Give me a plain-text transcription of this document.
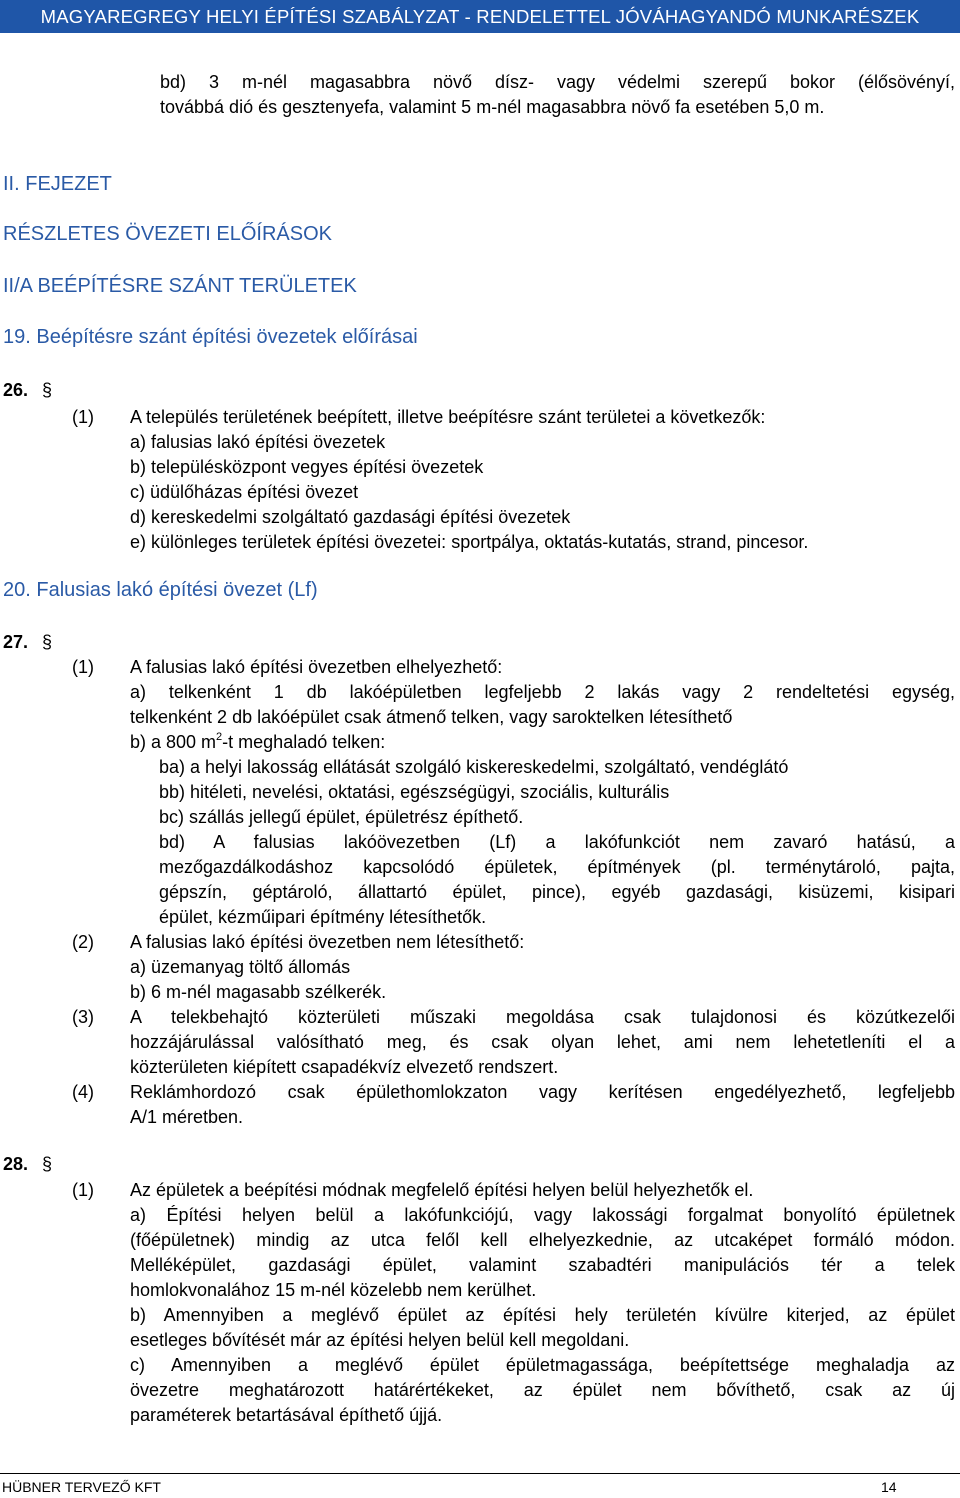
MAGYAREGREGY HELYI ÉPÍTÉSI SZABÁLYZAT - RENDELETTEL JÓVÁHAGYANDÓ MUNKARÉSZEK
bd) 3 m-nél magasabbra növő dísz- vagy védelmi szerepű bokor (élősövényí,
továbbá dió és gesztenyefa, valamint 5 m-nél magasabbra növő fa esetében 5,0 m.
II. FEJEZET
RÉSZLETES ÖVEZETI ELŐÍRÁSOK
II/A BEÉPÍTÉSRE SZÁNT TERÜLETEK
19. Beépítésre szánt építési övezetek előírásai
26. §
(1) A település területének beépített, illetve beépítésre szánt területei a következők:
a) falusias lakó építési övezetek
b) településközpont vegyes építési övezetek
c) üdülőházas építési övezet
d) kereskedelmi szolgáltató gazdasági építési övezetek
e) különleges területek építési övezetei: sportpálya, oktatás-kutatás, strand, pincesor.
20. Falusias lakó építési övezet (Lf)
27. §
(1) A falusias lakó építési övezetben elhelyezhető:
a) telkenként 1 db lakóépületben legfeljebb 2 lakás vagy 2 rendeltetési egység,
telkenként 2 db lakóépület csak átmenő telken, vagy saroktelken létesíthető
b) a 800 $m^2-t$ meghaladó telken:
ba) a helyi lakosság ellátását szolgáló kiskereskedelmi, szolgáltató, vendéglátó
bb) hitéleti, nevelési, oktatási, egészségügyi, szociális, kulturális
bc) szállás jellegű épület, épületrész építhető.
bd) A falusias lakóövezetben (Lf) a lakófunkciót nem zavaró hatású, a
mezőgazdálkodáshoz kapcsolódó épületek, építmények (pl. terménytároló, pajta,
gépszín, géptároló, állattartó épület, pince), egyéb gazdasági, kisüzemi, kisipari
épület, kézműipari építmény létesíthetők.
(2) A falusias lakó építési övezetben nem létesíthető:
a) üzemanyag töltő állomás
b) 6 m-nél magasabb szélkerék.
(3) A telekbehajtó közterületi műszaki megoldása csak tulajdonosi és közútkezelői
hozzájárulással valósítható meg, és csak olyan lehet, ami nem lehetetleníti el a
közterületen kiépített csapadékvíz elvezető rendszert.
(4) Reklámhordozó csak épülethomlokzaton vagy kerítésen engedélyezhető, legfeljebb
A/1 méretben.
28. §
(1) Az épületek a beépítési módnak megfelelő építési helyen belül helyezhetők el.
a) Építési helyen belül a lakófunkciójú, vagy lakossági forgalmat bonyolító épületnek
(főépületnek) mindig az utca felől kell elhelyezkednie, az utcaképet formáló módon.
Melléképület, gazdasági épület, valamint szabadtéri manipulációs tér a telek
homlokvonalához 15 m-nél közelebb nem kerülhet.
b) Amennyiben a meglévő épület az építési hely területén kívülre kiterjed, az épület
esetleges bővítését már az építési helyen belül kell megoldani.
c) Amennyiben a meglévő épület épületmagassága, beépítettsége meghaladja az
övezetre meghatározott határértékeket, az épület nem bővíthető, csak az új
paraméterek betartásával építhető újjá.
HÜBNER TERVEZŐ KFT	14
